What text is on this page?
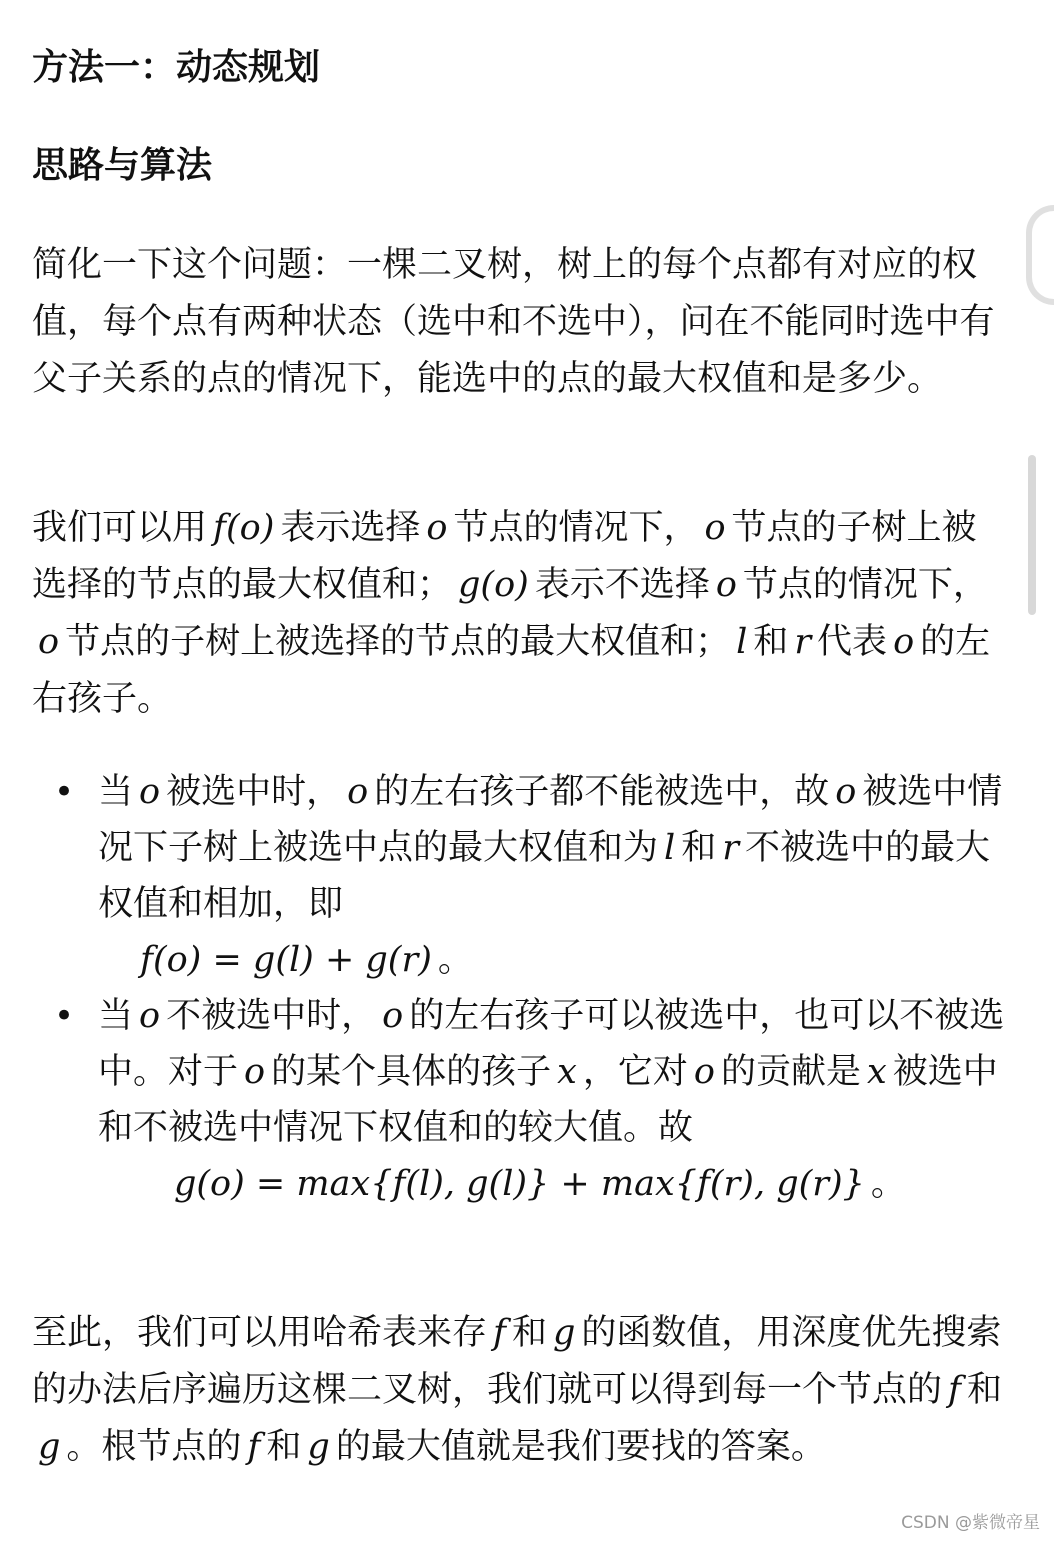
方法一：动态规划
思路与算法

简化一下这个问题：一棵二叉树，树上的每个点都有对应的权值，每个点有两种状态（选中和不选中），问在不能同时选中有父子关系的点的情况下，能选中的点的最大权值和是多少。

我们可以用 f(o) 表示选择 o 节点的情况下， o 节点的子树上被选择的节点的最大权值和； g(o) 表示不选择 o 节点的情况下，o 节点的子树上被选择的节点的最大权值和； l 和 r 代表 o 的左右孩子。

• 当 o 被选中时， o 的左右孩子都不能被选中，故 o 被选中情况下子树上被选中点的最大权值和为 l 和 r 不被选中的最大权值和相加，即
f(o) = g(l) + g(r) 。
• 当 o 不被选中时， o 的左右孩子可以被选中，也可以不被选中。对于 o 的某个具体的孩子 x ，它对 o 的贡献是 x 被选中和不被选中情况下权值和的较大值。故
g(o) = max{f(l), g(l)} + max{f(r), g(r)} 。

至此，我们可以用哈希表来存 f 和 g 的函数值，用深度优先搜索的办法后序遍历这棵二叉树，我们就可以得到每一个节点的 f 和g 。根节点的 f 和 g 的最大值就是我们要找的答案。

CSDN @紫微帝星
